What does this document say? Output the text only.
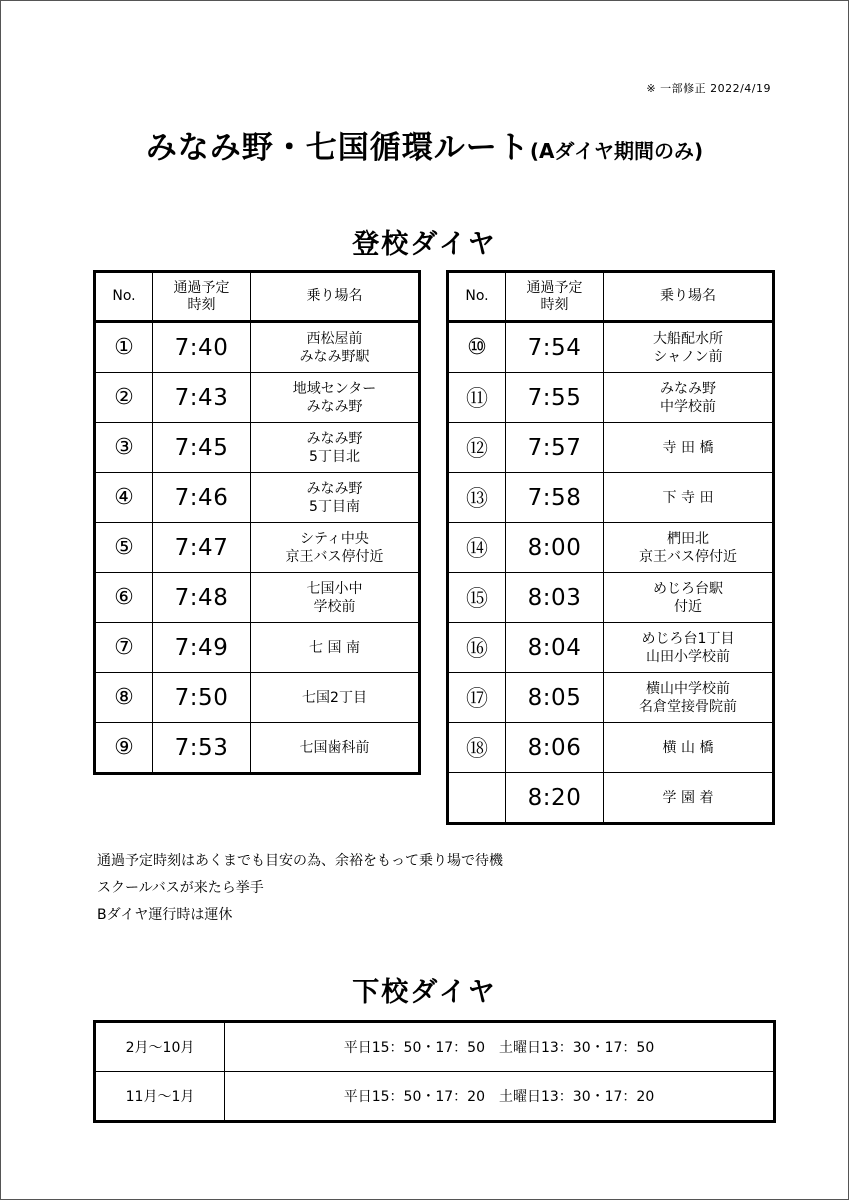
※ 一部修正 2022/4/19
みなみ野・七国循環ルート(Aダイヤ期間のみ)
登校ダイヤ
No.	通過予定
時刻	乗り場名
①	7:40	西松屋前
みなみ野駅

②	7:43	地域センター
みなみ野

③	7:45	みなみ野
5丁目北

④	7:46	みなみ野
5丁目南

⑤	7:47	シティ中央
京王バス停付近

⑥	7:48	七国小中
学校前

⑦	7:49	七 国 南

⑧	7:50	七国2丁目

⑨	7:53	七国歯科前
No.	通過予定
時刻	乗り場名
⑩	7:54	大船配水所
シャノン前

⑪	7:55	みなみ野
中学校前

⑫	7:57	寺 田 橋

⑬	7:58	下 寺 田

⑭	8:00	椚田北
京王バス停付近

⑮	8:03	めじろ台駅
付近

⑯	8:04	めじろ台1丁目
山田小学校前

⑰	8:05	横山中学校前
名倉堂接骨院前

⑱	8:06	横 山 橋

	8:20	学 園 着
通過予定時刻はあくまでも目安の為、余裕をもって乗り場で待機
スクールバスが来たら挙手
Bダイヤ運行時は運休
下校ダイヤ
2月〜10月	平日15：50・17：50　土曜日13：30・17：50
11月〜1月	平日15：50・17：20　土曜日13：30・17：20
